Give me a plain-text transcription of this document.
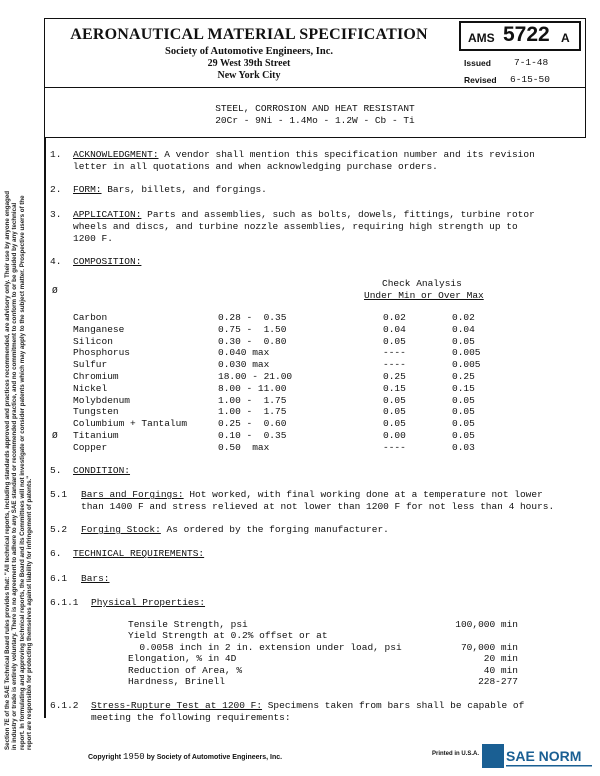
AERONAUTICAL MATERIAL SPECIFICATION
Society of Automotive Engineers, Inc.
29 West 39th Street
New York City
AMS 5722 A
Issued 7-1-48
Revised 6-15-50
STEEL, CORROSION AND HEAT RESISTANT
20Cr - 9Ni - 1.4Mo - 1.2W - Cb - Ti
1. ACKNOWLEDGMENT: A vendor shall mention this specification number and its revision
letter in all quotations and when acknowledging purchase orders.
2. FORM: Bars, billets, and forgings.
3. APPLICATION: Parts and assemblies, such as bolts, dowels, fittings, turbine rotor
wheels and discs, and turbine nozzle assemblies, requiring high strength up to
1200 F.
4. COMPOSITION:
Check Analysis
Ø	Under Min or Over Max
Carbon	0.28 -  0.35	0.02	0.02
Manganese	0.75 -  1.50	0.04	0.04
Silicon	0.30 -  0.80	0.05	0.05
Phosphorus	0.040 max	----	0.005
Sulfur	0.030 max	----	0.005
Chromium	18.00 - 21.00	0.25	0.25
Nickel	8.00 - 11.00	0.15	0.15
Molybdenum	1.00 -  1.75	0.05	0.05
Tungsten	1.00 -  1.75	0.05	0.05
Columbium + Tantalum	0.25 -  0.60	0.05	0.05
Ø Titanium	0.10 -  0.35	0.00	0.05
Copper	0.50  max	----	0.03
5. CONDITION:
5.1 Bars and Forgings: Hot worked, with final working done at a temperature not lower
than 1400 F and stress relieved at not lower than 1200 F for not less than 4 hours.
5.2 Forging Stock: As ordered by the forging manufacturer.
6. TECHNICAL REQUIREMENTS:
6.1 Bars:
6.1.1 Physical Properties:
Tensile Strength, psi	100,000 min
Yield Strength at 0.2% offset or at
0.0058 inch in 2 in. extension under load, psi	70,000 min
Elongation, % in 4D	20 min
Reduction of Area, %	40 min
Hardness, Brinell	228-277
6.1.2 Stress-Rupture Test at 1200 F: Specimens taken from bars shall be capable of
meeting the following requirements:
Section 7E of the SAE Technical Board rules provides that: "All technical reports, including standards approved and practices recommended, are advisory only. Their use by anyone engaged in industry or trade is entirely voluntary. There is no agreement to adhere to any SAE standard or recommended practice, and no commitment to conform to or be guided by any technical report. In formulating and approving technical reports, the Board and its Committees will not investigate or consider patents which may apply to the subject matter. Prospective users of the report are responsible for protecting themselves against liability for infringement of patents."
Copyright 1950 by Society of Automotive Engineers, Inc.	Printed in U.S.A. SAE NORM
